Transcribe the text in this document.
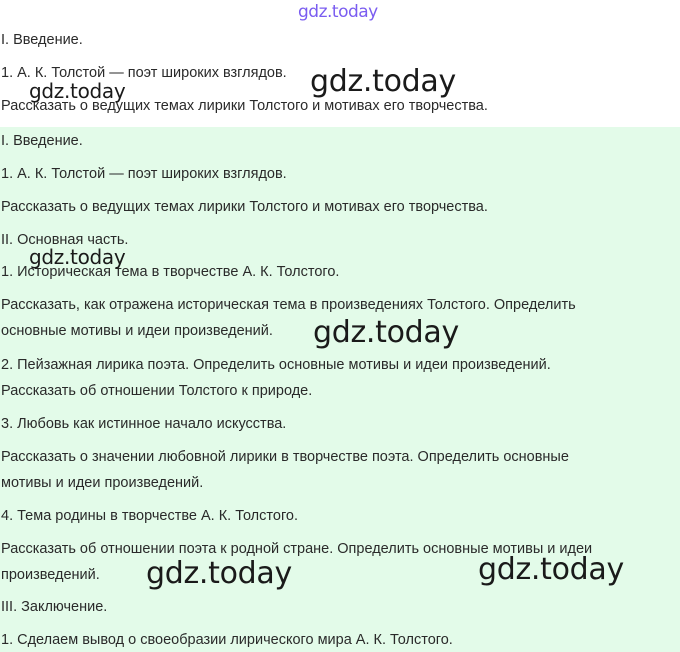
gdz.today
I. Введение.
1. А. К. Толстой — поэт широких взглядов.
Рассказать о ведущих темах лирики Толстого и мотивах его творчества.
I. Введение.
1. А. К. Толстой — поэт широких взглядов.
Рассказать о ведущих темах лирики Толстого и мотивах его творчества.
II. Основная часть.
1. Историческая тема в творчестве А. К. Толстого.
Рассказать, как отражена историческая тема в произведениях Толстого. Определить
основные мотивы и идеи произведений.
2. Пейзажная лирика поэта. Определить основные мотивы и идеи произведений.
Рассказать об отношении Толстого к природе.
3. Любовь как истинное начало искусства.
Рассказать о значении любовной лирики в творчестве поэта. Определить основные
мотивы и идеи произведений.
4. Тема родины в творчестве А. К. Толстого.
Рассказать об отношении поэта к родной стране. Определить основные мотивы и идеи
произведений.
III. Заключение.
1. Сделаем вывод о своеобразии лирического мира А. К. Толстого.
gdz.today
gdz.today
gdz.today
gdz.today
gdz.today	gdz.today
